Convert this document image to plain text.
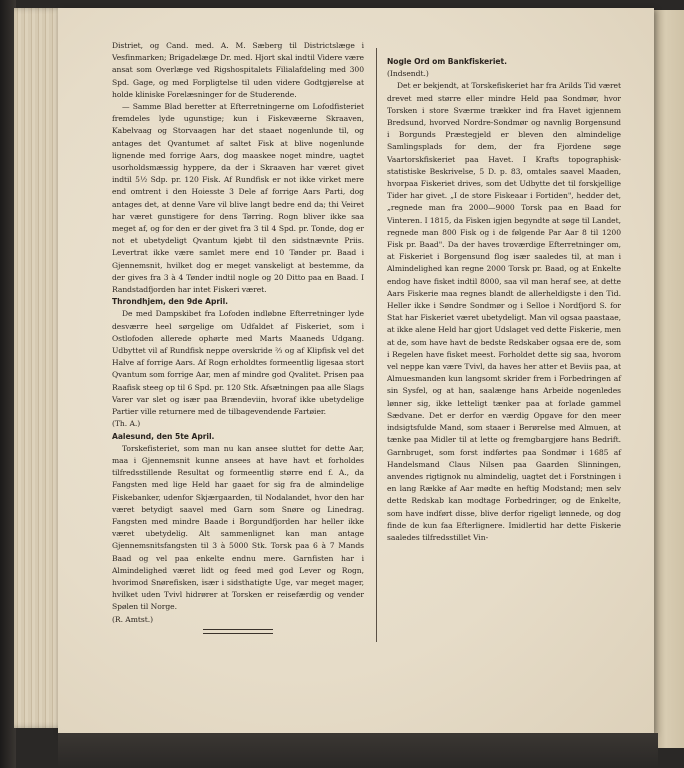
Distriet, og Cand. med. A. M. Sæberg til Districtslæge i Vesfinmarken; Brigadelæge Dr. med. Hjort skal indtil Videre være ansat som Overlæge ved Rigshospitalets Filialafdeling med 300 Spd. Gage, og med Forpligtelse til uden videre Godtgjørelse at holde kliniske Forelæsninger for de Studerende.

— Samme Blad beretter at Efterretningerne om Lofodfisteriet fremdeles lyde ugunstige; kun i Fiskevæerne Skraaven, Kabelvaag og Storvaagen har det staaet nogenlunde til, og antages det Qvantumet af saltet Fisk at blive nogenlunde lignende med forrige Aars, dog maaskee noget mindre, uagtet usorholdsmæssig hyppere, da der i Skraaven har været givet indtil 5½ Sdp. pr. 120 Fisk. Af Rundfisk er not ikke virket mere end omtrent i den Hoiesste 3 Dele af forrige Aars Parti, dog antages det, at denne Vare vil blive langt bedre end da; thi Veiret har været gunstigere for dens Tørring. Rogn bliver ikke saa meget af, og for den er der givet fra 3 til 4 Spd. pr. Tonde, dog er not et ubetydeligt Qvantum kjøbt til den sidstnævnte Priis. Levertrat ikke være samlet mere end 10 Tønder pr. Baad i Gjennemsnit, hvilket dog er meget vanskeligt at bestemme, da der gives fra 3 à 4 Tønder indtil nogle og 20 Ditto paa en Baad. I Randstadfjorden har intet Fiskeri været.

Throndhjem, den 9de April.

De med Dampskibet fra Lofoden indløbne Efterretninger lyde desværre heel sørgelige om Udfaldet af Fiskeriet, som i Ostlofoden allerede ophørte med Marts Maaneds Udgang. Udbyttet vil af Rundfisk neppe overskride ⅔ og af Klipfisk vel det Halve af forrige Aars. Af Rogn erholdtes formeentlig ligesaa stort Qvantum som forrige Aar, men af mindre god Qvalitet. Prisen paa Raafisk steeg op til 6 Spd. pr. 120 Stk. Afsætningen paa alle Slags Varer var slet og især paa Brændeviin, hvoraf ikke ubetydelige Partier ville returnere med de tilbagevendende Fartøier.

(Th. A.)

Aalesund, den 5te April.

Torskefisteriet, som man nu kan ansee sluttet for dette Aar, maa i Gjennemsnit kunne ansees at have havt et forholdes tilfredsstillende Resultat og formeentlig større end f. A., da Fangsten med lige Held har gaaet for sig fra de almindelige Fiskebanker, udenfor Skjærgaarden, til Nodalandet, hvor den har været betydigt saavel med Garn som Snøre og Linedrag. Fangsten med mindre Baade i Borgundfjorden har heller ikke været ubetydelig. Alt sammenlignet kan man antage Gjennemsnitsfangsten til 3 à 5000 Stk. Torsk paa 6 à 7 Mands Baad og vel paa enkelte endnu mere. Garnfisten har i Almindelighed været lidt og feed med god Lever og Rogn, hvorimod Snørefisken, især i sidsthatigte Uge, var meget mager, hvilket uden Tvivl hidrører at Torsken er reisefærdig og vender Spølen til Norge.

(R. Amtst.)

Nogle Ord om Bankfiskeriet.

(Indsendt.)

Det er bekjendt, at Torskefiskeriet har fra Arilds Tid været drevet med større eller mindre Held paa Sondmør, hvor Torsken i store Sværme trækker ind fra Havet igjennem Bredsund, hvorved Nordre-Sondmør og navnlig Borgensund i Borgunds Præstegjeld er bleven den almindelige Samlingsplads for dem, der fra Fjordene søge Vaartorskfiskeriet paa Havet. I Krafts topographisk-statistiske Beskrivelse, 5 D. p. 83, omtales saavel Maaden, hvorpaa Fiskeriet drives, som det Udbytte det til forskjellige Tider har givet. „I de store Fiskeaar i Fortiden", hedder det, „regnede man fra 2000—9000 Torsk paa en Baad for Vinteren. I 1815, da Fisken igjen begyndte at søge til Landet, regnede man 800 Fisk og i de følgende Par Aar 8 til 1200 Fisk pr. Baad". Da der haves troværdige Efterretninger om, at Fiskeriet i Borgensund flog især saaledes til, at man i Almindelighed kan regne 2000 Torsk pr. Baad, og at Enkelte endog have fisket indtil 8000, saa vil man heraf see, at dette Aars Fiskerie maa regnes blandt de allerheldigste i den Tid. Heller ikke i Søndre Sondmør og i Selloe i Nordfjord S. for Stat har Fiskeriet været ubetydeligt. Man vil ogsaa paastaae, at ikke alene Held har gjort Udslaget ved dette Fiskerie, men at de, som have havt de bedste Redskaber ogsaa ere de, som i Regelen have fisket meest. Forholdet dette sig saa, hvorom vel neppe kan være Tvivl, da haves her atter et Beviis paa, at Almuesmanden kun langsomt skrider frem i Forbedringen af sin Sysfel, og at han, saalænge hans Arbeide nogenledes lønner sig, ikke letteligt tænker paa at forlade gammel Sædvane. Det er derfor en værdig Opgave for den meer indsigtsfulde Mand, som staaer i Berørelse med Almuen, at tænke paa Midler til at lette og fremgbargjøre hans Bedrift. Garnbruget, som forst indførtes paa Sondmør i 1685 af Handelsmand Claus Nilsen paa Gaarden Slinningen, anvendes rigtignok nu almindelig, uagtet det i Forstningen i en lang Række af Aar mødte en heftig Modstand; men selv dette Redskab kan modtage Forbedringer, og de Enkelte, som have indført disse, blive derfor rigeligt lønnede, og dog finde de kun faa Efterlignere. Imidlertid har dette Fiskerie saaledes tilfredsstillet Vin-
